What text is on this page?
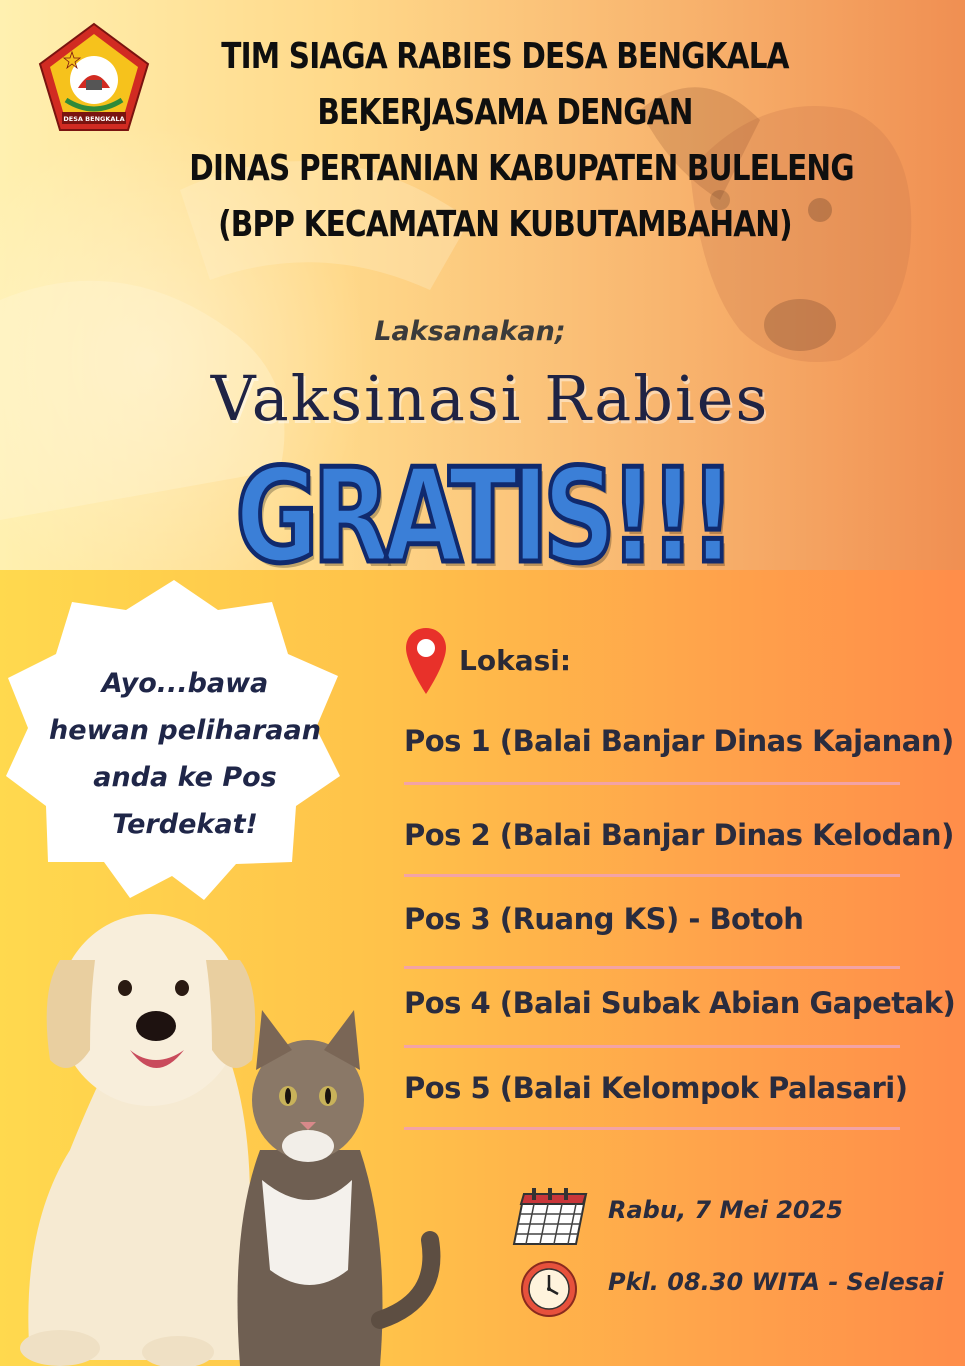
DESA BENGKALA
TIM SIAGA RABIES DESA BENGKALA
BEKERJASAMA DENGAN
DINAS PERTANIAN KABUPATEN BULELENG
(BPP KECAMATAN KUBUTAMBAHAN)
Laksanakan;
Vaksinasi Rabies
GRATIS!!!
Ayo...bawa
hewan peliharaan
anda ke Pos
Terdekat!
Lokasi:
Pos 1 (Balai Banjar Dinas Kajanan)
Pos 2 (Balai Banjar Dinas Kelodan)
Pos 3 (Ruang KS) - Botoh
Pos 4 (Balai Subak Abian Gapetak)
Pos 5 (Balai Kelompok Palasari)
Rabu, 7 Mei 2025
Pkl. 08.30 WITA - Selesai
